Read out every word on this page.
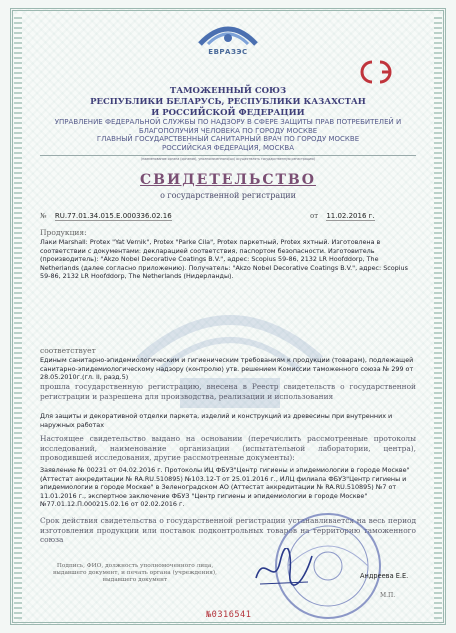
ЕВРАЗЭС
ТАМОЖЕННЫЙ СОЮЗ
РЕСПУБЛИКИ БЕЛАРУСЬ, РЕСПУБЛИКИ КАЗАХСТАН
И РОССИЙСКОЙ ФЕДЕРАЦИИ
УПРАВЛЕНИЕ ФЕДЕРАЛЬНОЙ СЛУЖБЫ ПО НАДЗОРУ В СФЕРЕ ЗАЩИТЫ ПРАВ ПОТРЕБИТЕЛЕЙ И
БЛАГОПОЛУЧИЯ ЧЕЛОВЕКА ПО ГОРОДУ МОСКВЕ
ГЛАВНЫЙ ГОСУДАРСТВЕННЫЙ САНИТАРНЫЙ ВРАЧ ПО ГОРОДУ МОСКВЕ
РОССИЙСКАЯ ФЕДЕРАЦИЯ, МОСКВА
(наименование органа (органов), уполномоченного(ых) осуществлять государственную регистрацию)
СВИДЕТЕЛЬСТВО
о государственной регистрации
№ RU.77.01.34.015.E.000336.02.16	от 11.02.2016 г.
Продукция:
Лаки Marshall: Protex "Yat Vernik", Protex "Parke Cila", Protex паркетный, Protex яхтный. Изготовлена в соответствии с документами: декларацией соответствия, паспортом безопасности. Изготовитель (производитель): "Akzo Nobel Decorative Coatings B.V.", адрес: Sсорius 59-86, 2132 LR Hoofddorp, The Netherlands (далее согласно приложению). Получатель: "Akzo Nobel Decorative Coatings B.V.", адрес: Sсорius 59-86, 2132 LR Hoofddorp, The Netherlands (Нидерланды).
соответствует
Единым санитарно-эпидемиологическим и гигиеническим требованиям к продукции (товарам), подлежащей санитарно-эпидемиологическому надзору (контролю) утв. решением Комиссии таможенного союза № 299 от 28.05.2010г.(гл. II, разд.5)
прошла государственную регистрацию, внесена в Реестр свидетельств о государственной регистрации и разрешена для производства, реализации и использования
Для защиты и декоративной отделки паркета, изделий и конструкций из древесины при внутренних и наружных работах
Настоящее свидетельство выдано на основании (перечислить рассмотренные протоколы исследований, наименование организации (испытательной лаборатории, центра), проводившей исследования, другие рассмотренные документы):
Заявление № 00231 от 04.02.2016 г. Протоколы ИЦ ФБУЗ"Центр гигиены и эпидемиологии в городе Москве" (Аттестат аккредитации № RA.RU.510895) №103.12-Т от 25.01.2016 г., ИЛЦ филиала ФБУЗ"Центр гигиены и эпидемиологии в городе Москве" в Зеленоградском АО (Аттестат аккредитации № RA.RU.510895) №7 от 11.01.2016 г., экспертное заключение ФБУЗ "Центр гигиены и эпидемиологии в городе Москве" №77.01.12.П.000215.02.16 от 02.02.2016 г.
Срок действия свидетельства о государственной регистрации устанавливается на весь период изготовления продукции или поставок подконтрольных товаров на территорию таможенного союза
Подпись, ФИО, должность уполномоченного лица, выдавшего документ, и печать органа (учреждения), выдавшего документ
Андреева Е.Е.
М.П.
№0316541
